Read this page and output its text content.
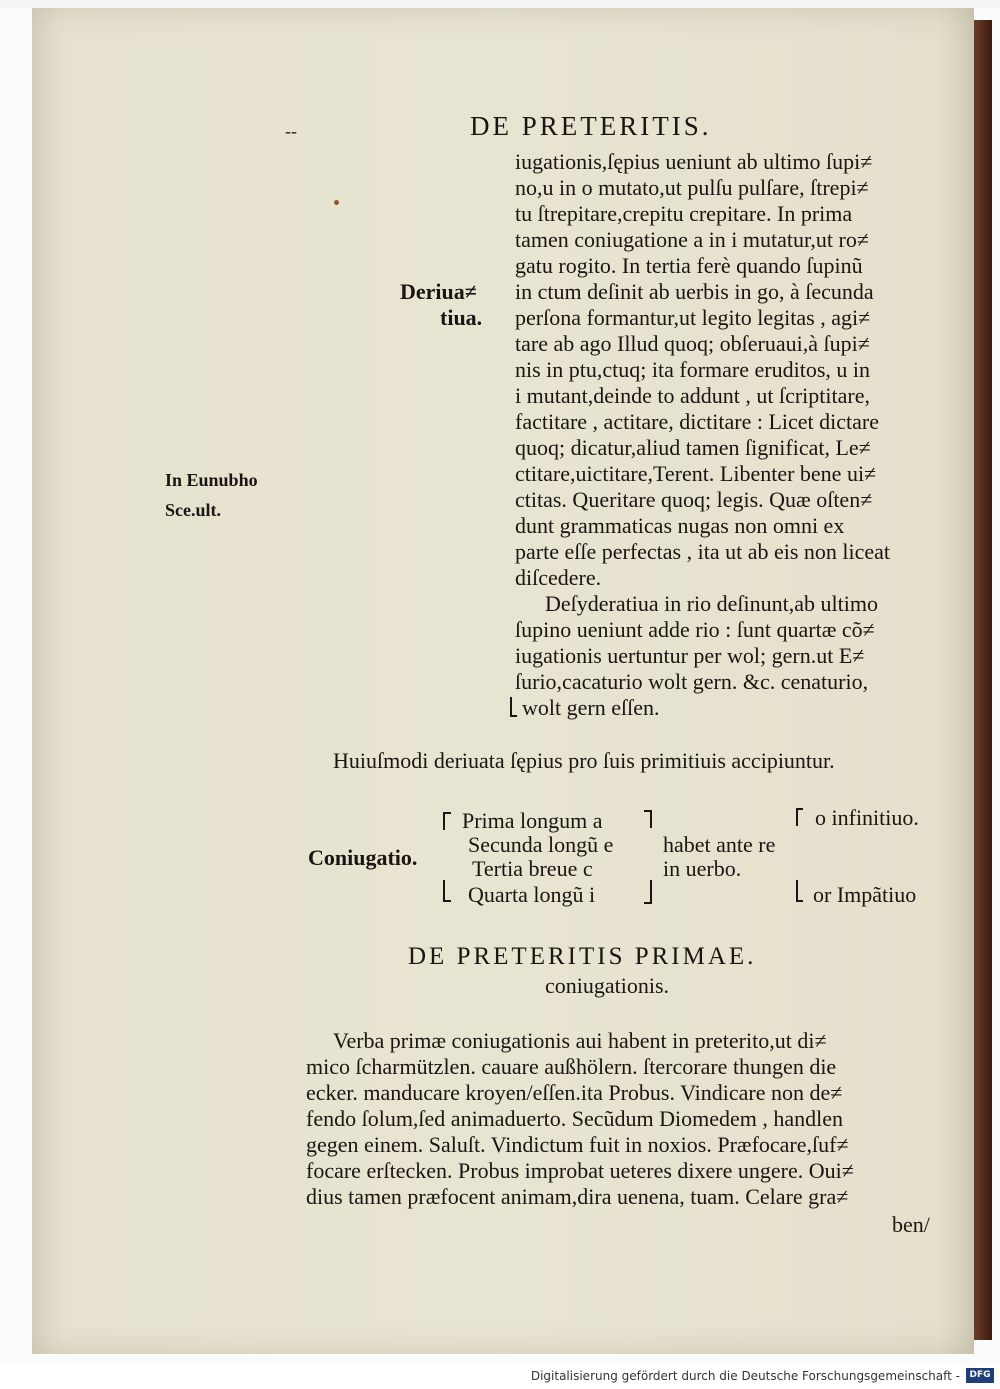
--	DE PRETERITIS.
Deriua≠
tiua.
In Eunubho
Sce.ult.
iugationis,ſępius ueniunt ab ultimo ſupi≠
no,u in o mutato,ut pulſu pulſare, ſtrepi≠
tu ſtrepitare,crepitu crepitare. In prima
tamen coniugatione a in i mutatur,ut ro≠
gatu rogito. In tertia ferè quando ſupinũ
in ctum deſinit ab uerbis in go, à ſecunda
perſona formantur,ut legito legitas , agi≠
tare ab ago Illud quoq; obſeruaui,à ſupi≠
nis in ptu,ctuq; ita formare eruditos, u in
i mutant,deinde to addunt , ut ſcriptitare,
factitare , actitare, dictitare : Licet dictare
quoq; dicatur,aliud tamen ſignificat, Le≠
ctitare,uictitare,Terent. Libenter bene ui≠
ctitas. Queritare quoq; legis. Quæ oſten≠
dunt grammaticas nugas non omni ex
parte eſſe perfectas , ita ut ab eis non liceat
diſcedere.
Deſyderatiua in rio deſinunt,ab ultimo
ſupino ueniunt adde rio : ſunt quartæ cõ≠
iugationis uertuntur per wol; gern.ut E≠
ſurio,cacaturio wolt gern. &c. cenaturio,
wolt gern eſſen.
Huiuſmodi deriuata ſępius pro ſuis primitiuis accipiuntur.
Coniugatio.
Prima longum a
Secunda longũ e
Tertia breue c
Quarta longũ i
habet ante re
in uerbo.
o infinitiuo.
or Impãtiuo
DE PRETERITIS PRIMAE.
coniugationis.
Verba primæ coniugationis aui habent in preterito,ut di≠
mico ſcharmützlen. cauare außhölern. ſtercorare thungen die
ecker. manducare kroyen/eſſen.ita Probus. Vindicare non de≠
fendo ſolum,ſed animaduerto. Secũdum Diomedem , handlen
gegen einem. Saluſt. Vindictum fuit in noxios. Præfocare,ſuf≠
focare erſtecken. Probus improbat ueteres dixere ungere. Oui≠
dius tamen præfocent animam,dira uenena, tuam. Celare gra≠
ben/
Digitalisierung gefördert durch die Deutsche Forschungsgemeinschaft -	DFG
